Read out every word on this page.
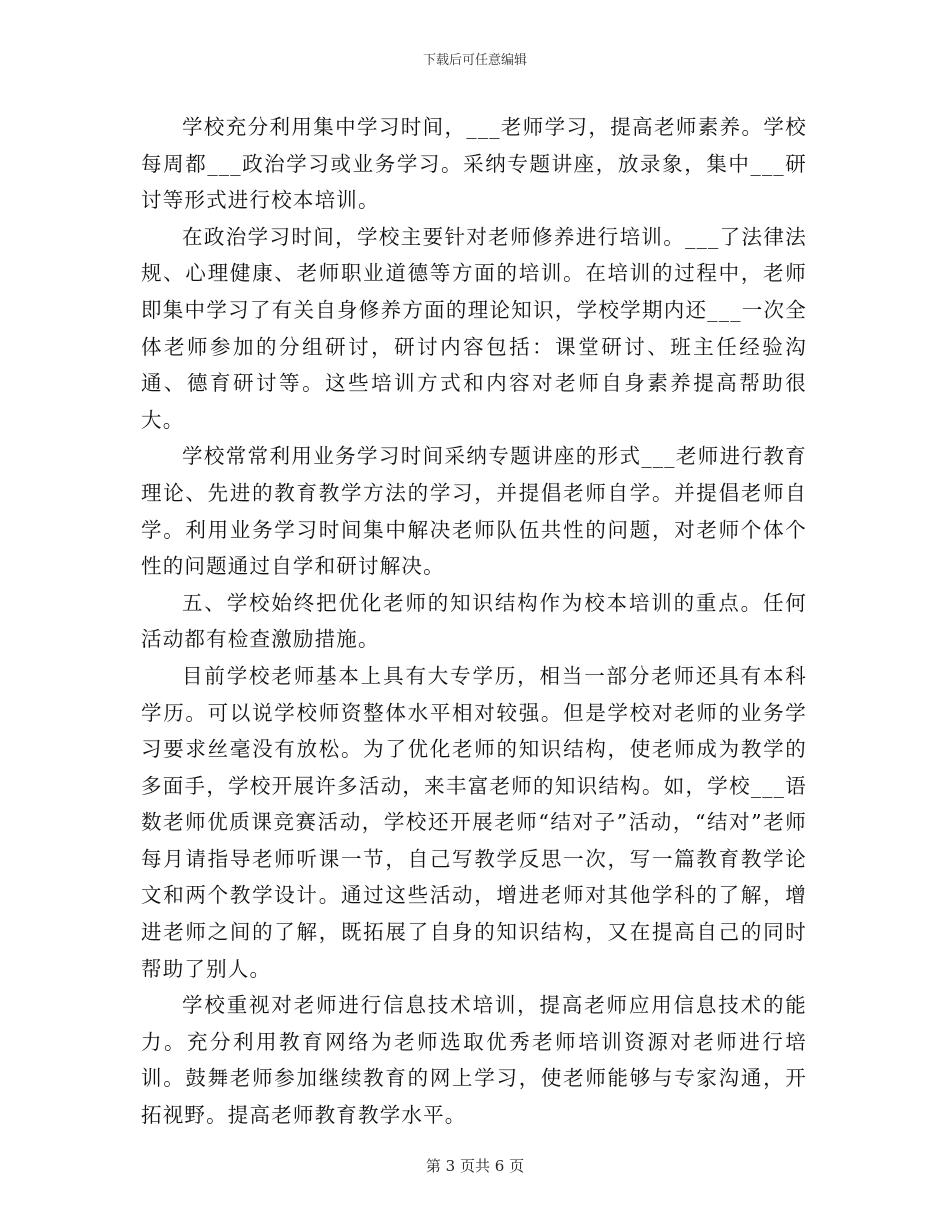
下载后可任意编辑

学校充分利用集中学习时间，___老师学习，提高老师素养。学校每周都___政治学习或业务学习。采纳专题讲座，放录象，集中___研讨等形式进行校本培训。

在政治学习时间，学校主要针对老师修养进行培训。___了法律法规、心理健康、老师职业道德等方面的培训。在培训的过程中，老师即集中学习了有关自身修养方面的理论知识，学校学期内还___一次全体老师参加的分组研讨，研讨内容包括：课堂研讨、班主任经验沟通、德育研讨等。这些培训方式和内容对老师自身素养提高帮助很大。

学校常常利用业务学习时间采纳专题讲座的形式___老师进行教育理论、先进的教育教学方法的学习，并提倡老师自学。并提倡老师自学。利用业务学习时间集中解决老师队伍共性的问题，对老师个体个性的问题通过自学和研讨解决。

五、学校始终把优化老师的知识结构作为校本培训的重点。任何活动都有检查激励措施。

目前学校老师基本上具有大专学历，相当一部分老师还具有本科学历。可以说学校师资整体水平相对较强。但是学校对老师的业务学习要求丝毫没有放松。为了优化老师的知识结构，使老师成为教学的多面手，学校开展许多活动，来丰富老师的知识结构。如，学校___语数老师优质课竞赛活动，学校还开展老师“结对子”活动，“结对”老师每月请指导老师听课一节，自己写教学反思一次，写一篇教育教学论文和两个教学设计。通过这些活动，增进老师对其他学科的了解，增进老师之间的了解，既拓展了自身的知识结构，又在提高自己的同时帮助了别人。

学校重视对老师进行信息技术培训，提高老师应用信息技术的能力。充分利用教育网络为老师选取优秀老师培训资源对老师进行培训。鼓舞老师参加继续教育的网上学习，使老师能够与专家沟通，开拓视野。提高老师教育教学水平。

第 3 页共 6 页
